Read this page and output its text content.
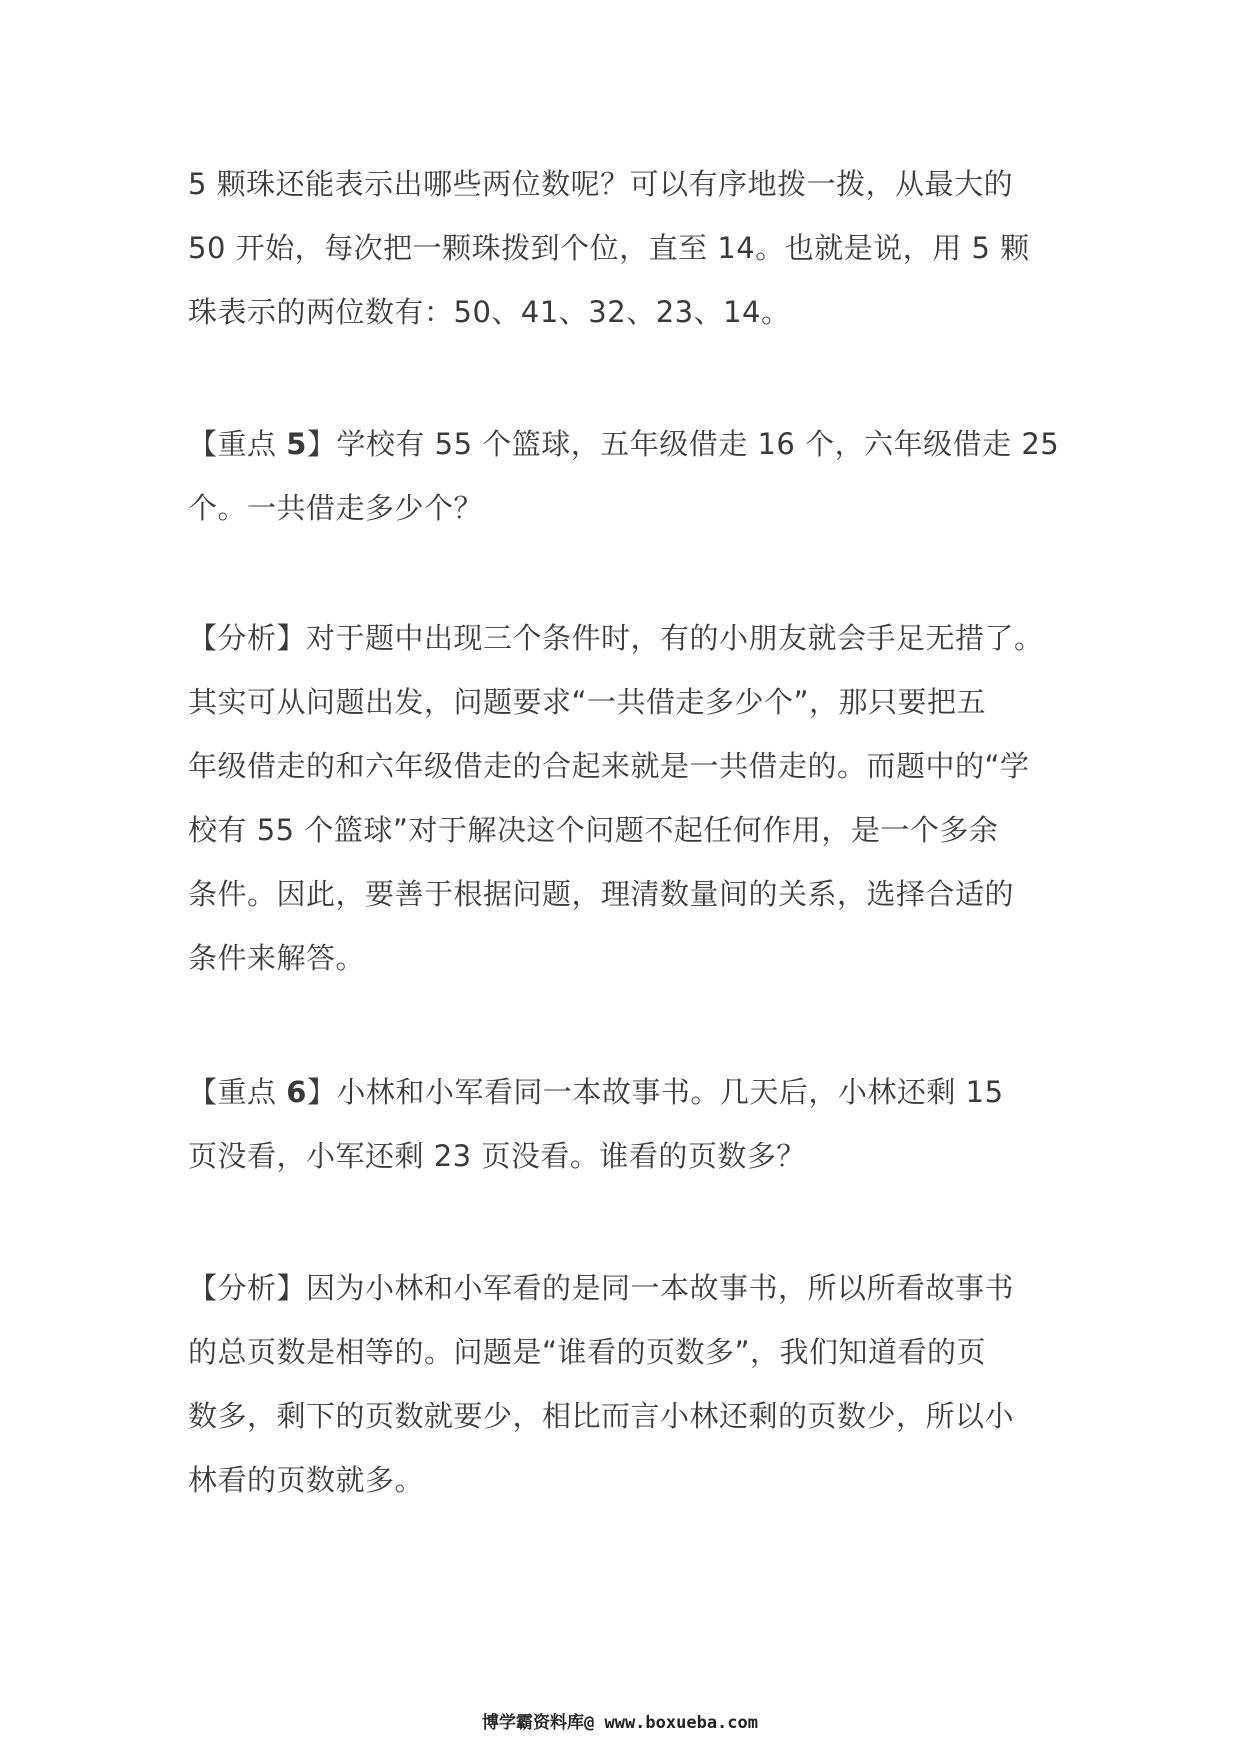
5 颗珠还能表示出哪些两位数呢？可以有序地拨一拨，从最大的
50 开始，每次把一颗珠拨到个位，直至 14。也就是说，用 5 颗
珠表示的两位数有：50、41、32、23、14。

【重点 5】学校有 55 个篮球，五年级借走 16 个，六年级借走 25
个。一共借走多少个？

【分析】对于题中出现三个条件时，有的小朋友就会手足无措了。
其实可从问题出发，问题要求“一共借走多少个”，那只要把五
年级借走的和六年级借走的合起来就是一共借走的。而题中的“学
校有 55 个篮球”对于解决这个问题不起任何作用，是一个多余
条件。因此，要善于根据问题，理清数量间的关系，选择合适的
条件来解答。

【重点 6】小林和小军看同一本故事书。几天后，小林还剩 15
页没看，小军还剩 23 页没看。谁看的页数多？

【分析】因为小林和小军看的是同一本故事书，所以所看故事书
的总页数是相等的。问题是“谁看的页数多”，我们知道看的页
数多，剩下的页数就要少，相比而言小林还剩的页数少，所以小
林看的页数就多。

博学霸资料库@ www.boxueba.com
